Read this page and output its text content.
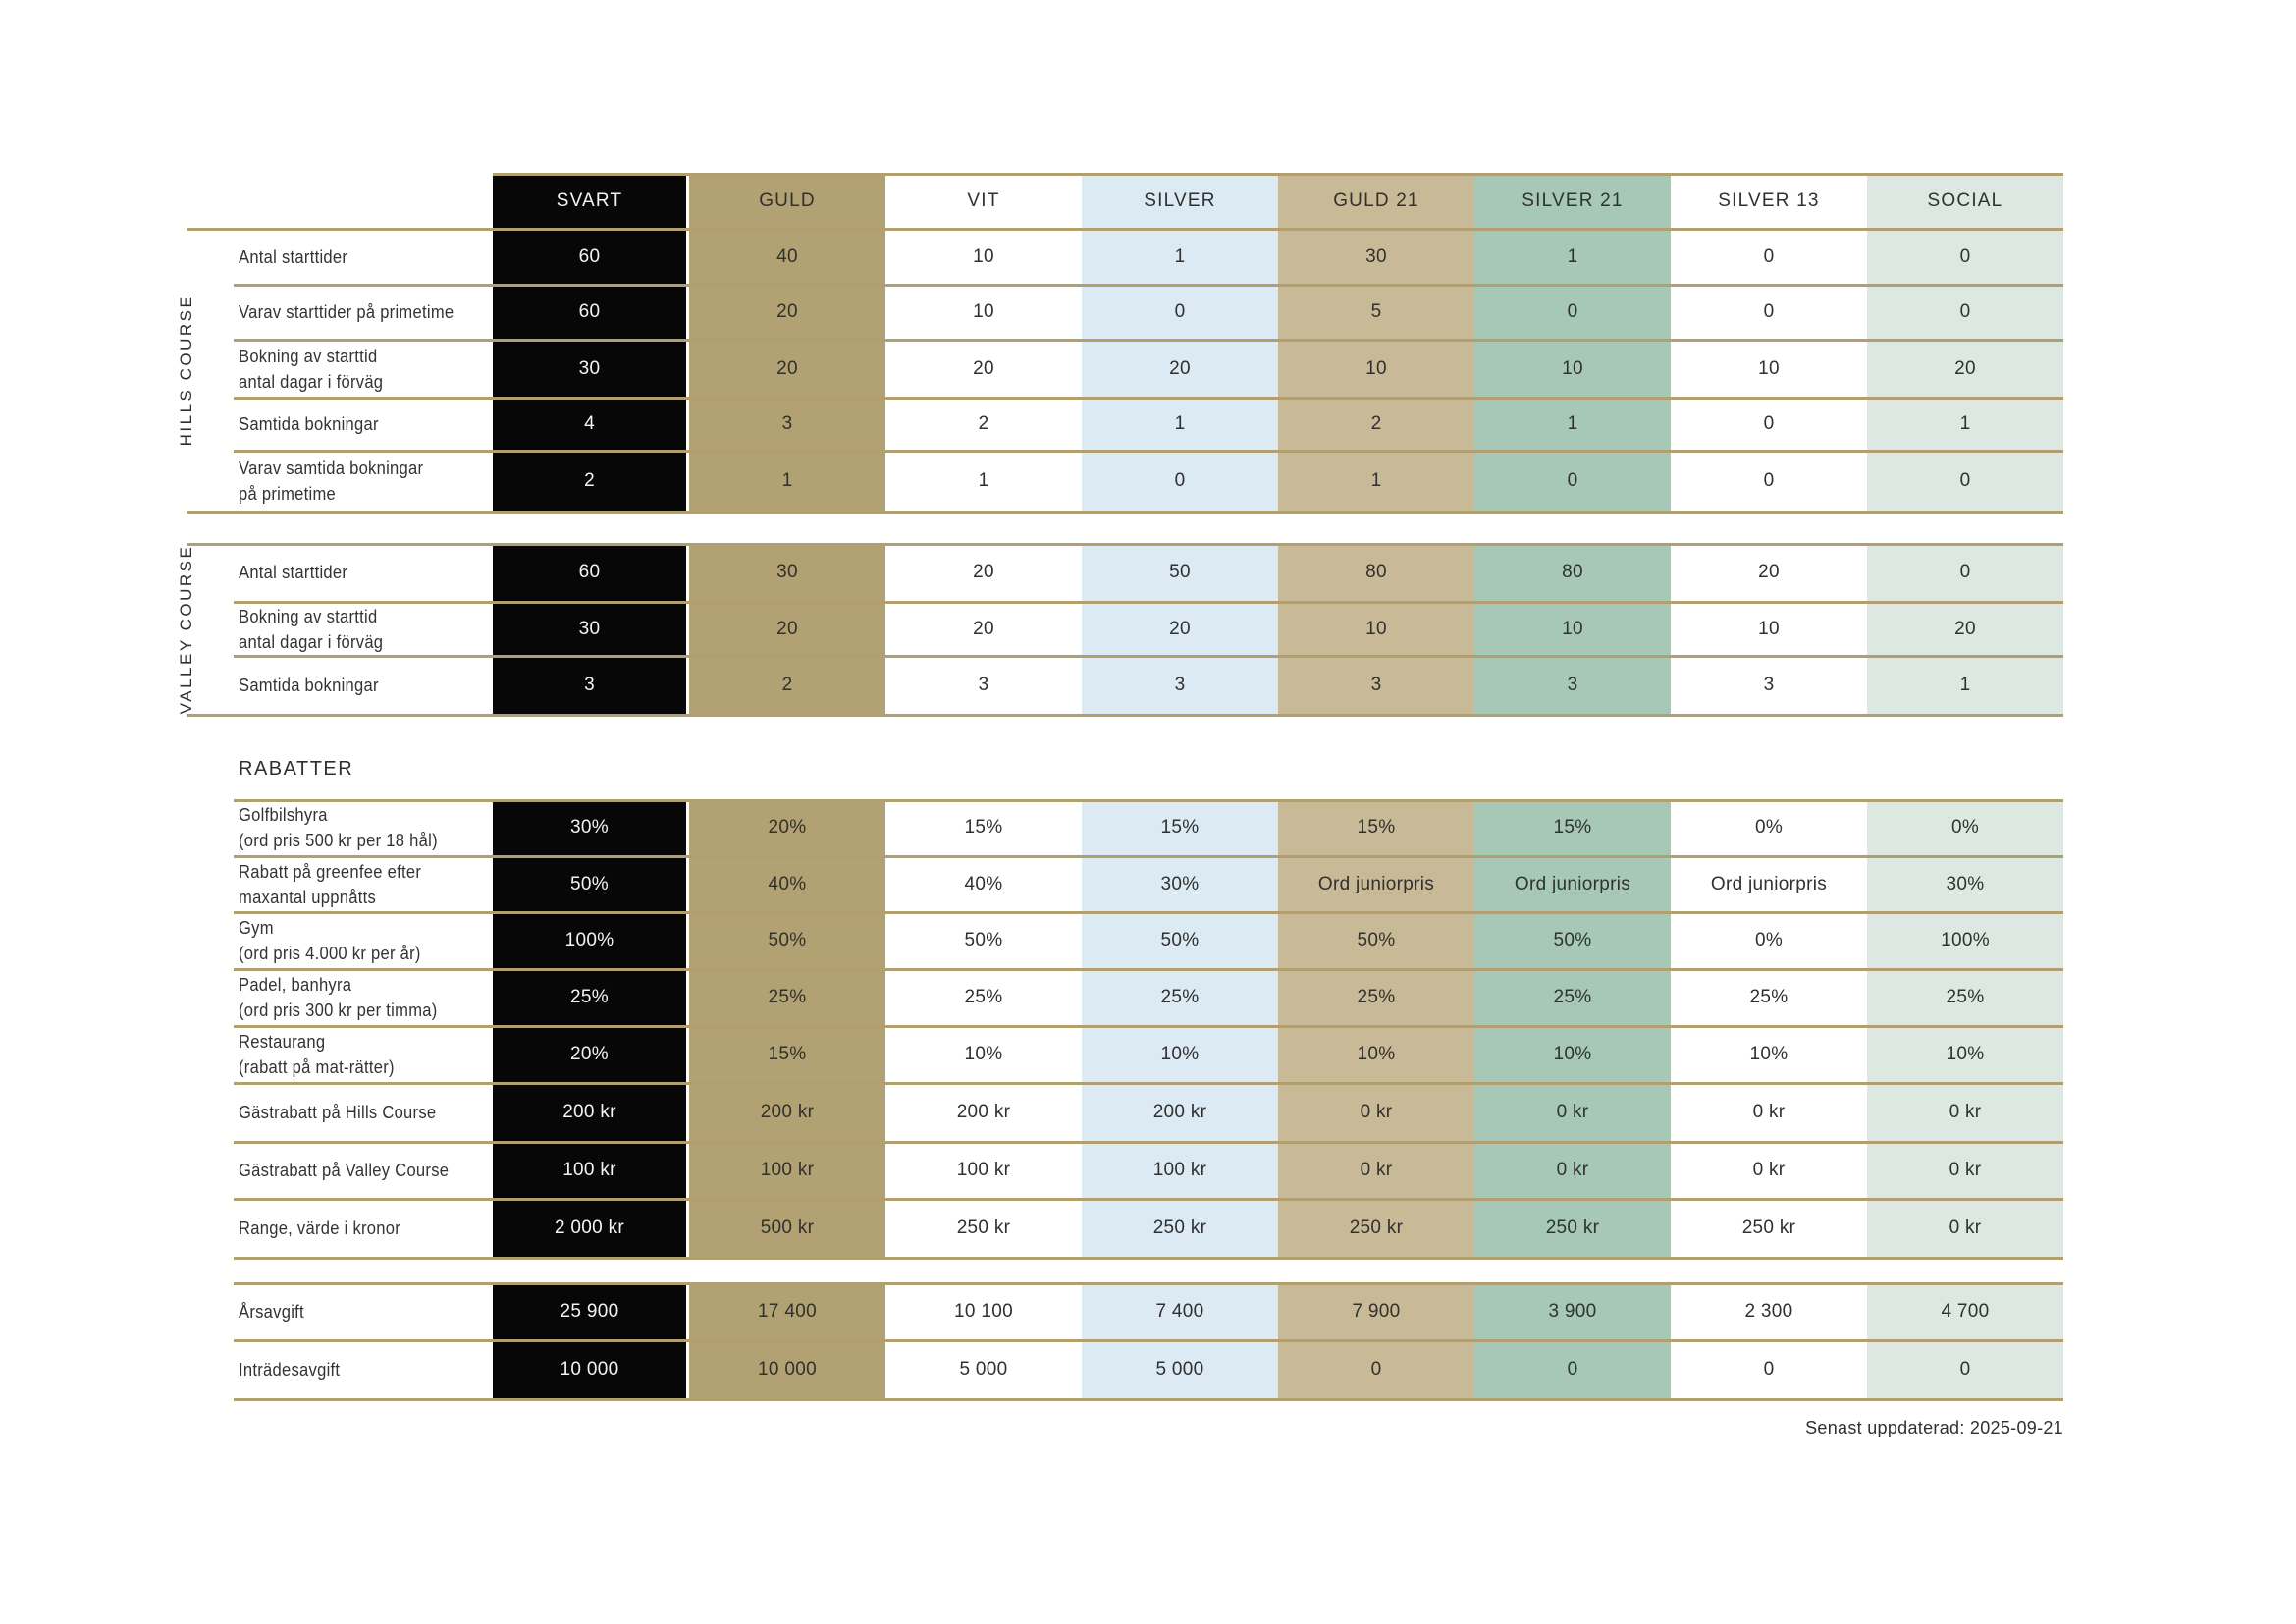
SVART	GULD	VIT	SILVER	GULD 21	SILVER 21	SILVER 13	SOCIAL
Antal starttider	60	40	10	1	30	1	0	0
Varav starttider på primetime	60	20	10	0	5	0	0	0
Bokning av starttid
antal dagar i förväg
30	20	20	20	10	10	10	20
Samtida bokningar	4	3	2	1	2	1	0	1
Varav samtida bokningar
på primetime
2	1	1	0	1	0	0	0
Antal starttider	60	30	20	50	80	80	20	0
Bokning av starttid
antal dagar i förväg
30	20	20	20	10	10	10	20
Samtida bokningar	3	2	3	3	3	3	3	1
Golfbilshyra
(ord pris 500 kr per 18 hål)
30%	20%	15%	15%	15%	15%	0%	0%
Rabatt på greenfee efter
maxantal uppnåtts
50%	40%	40%	30%	Ord juniorpris	Ord juniorpris	Ord juniorpris	30%
Gym
(ord pris 4.000 kr per år)
100%	50%	50%	50%	50%	50%	0%	100%
Padel, banhyra
(ord pris 300 kr per timma)
25%	25%	25%	25%	25%	25%	25%	25%
Restaurang
(rabatt på mat-rätter)
20%	15%	10%	10%	10%	10%	10%	10%
Gästrabatt på Hills Course	200 kr	200 kr	200 kr	200 kr	0 kr	0 kr	0 kr	0 kr
Gästrabatt på Valley Course	100 kr	100 kr	100 kr	100 kr	0 kr	0 kr	0 kr	0 kr
Range, värde i kronor	2 000 kr	500 kr	250 kr	250 kr	250 kr	250 kr	250 kr	0 kr
Årsavgift	25 900	17 400	10 100	7 400	7 900	3 900	2 300	4 700
Inträdesavgift	10 000	10 000	5 000	5 000	0	0	0	0
HILLS COURSE
VALLEY COURSE
RABATTER
Senast uppdaterad: 2025-09-21
